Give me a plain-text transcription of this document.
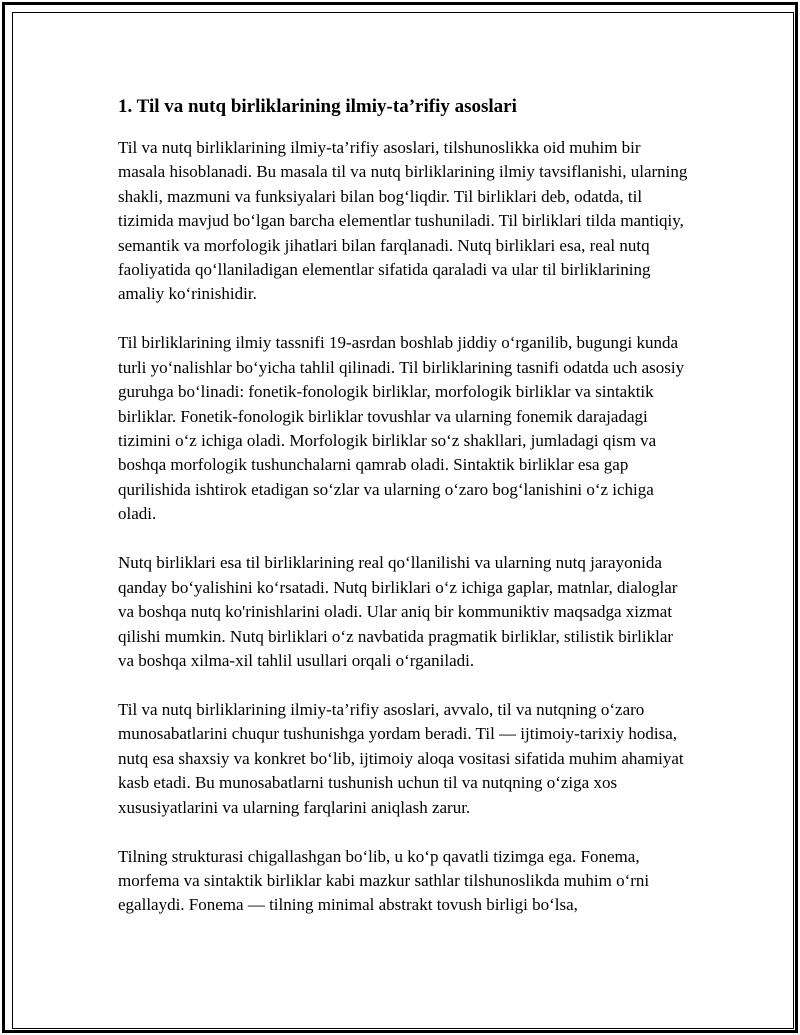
1. Til va nutq birliklarining ilmiy-ta’rifiy asoslari

Til va nutq birliklarining ilmiy-ta’rifiy asoslari, tilshunoslikka oid muhim bir masala hisoblanadi. Bu masala til va nutq birliklarining ilmiy tavsiflanishi, ularning shakli, mazmuni va funksiyalari bilan bog‘liqdir. Til birliklari deb, odatda, til tizimida mavjud bo‘lgan barcha elementlar tushuniladi. Til birliklari tilda mantiqiy, semantik va morfologik jihatlari bilan farqlanadi. Nutq birliklari esa, real nutq faoliyatida qo‘llaniladigan elementlar sifatida qaraladi va ular til birliklarining amaliy ko‘rinishidir.

Til birliklarining ilmiy tassnifi 19-asrdan boshlab jiddiy o‘rganilib, bugungi kunda turli yo‘nalishlar bo‘yicha tahlil qilinadi. Til birliklarining tasnifi odatda uch asosiy guruhga bo‘linadi: fonetik-fonologik birliklar, morfologik birliklar va sintaktik birliklar. Fonetik-fonologik birliklar tovushlar va ularning fonemik darajadagi tizimini o‘z ichiga oladi. Morfologik birliklar so‘z shakllari, jumladagi qism va boshqa morfologik tushunchalarni qamrab oladi. Sintaktik birliklar esa gap qurilishida ishtirok etadigan so‘zlar va ularning o‘zaro bog‘lanishini o‘z ichiga oladi.

Nutq birliklari esa til birliklarining real qo‘llanilishi va ularning nutq jarayonida qanday bo‘yalishini ko‘rsatadi. Nutq birliklari o‘z ichiga gaplar, matnlar, dialoglar va boshqa nutq ko'rinishlarini oladi. Ular aniq bir kommuniktiv maqsadga xizmat qilishi mumkin. Nutq birliklari o‘z navbatida pragmatik birliklar, stilistik birliklar va boshqa xilma-xil tahlil usullari orqali o‘rganiladi.

Til va nutq birliklarining ilmiy-ta’rifiy asoslari, avvalo, til va nutqning o‘zaro munosabatlarini chuqur tushunishga yordam beradi. Til — ijtimoiy-tarixiy hodisa, nutq esa shaxsiy va konkret bo‘lib, ijtimoiy aloqa vositasi sifatida muhim ahamiyat kasb etadi. Bu munosabatlarni tushunish uchun til va nutqning o‘ziga xos xususiyatlarini va ularning farqlarini aniqlash zarur.

Tilning strukturasi chigallashgan bo‘lib, u ko‘p qavatli tizimga ega. Fonema, morfema va sintaktik birliklar kabi mazkur sathlar tilshunoslikda muhim o‘rni egallaydi. Fonema — tilning minimal abstrakt tovush birligi bo‘lsa,
